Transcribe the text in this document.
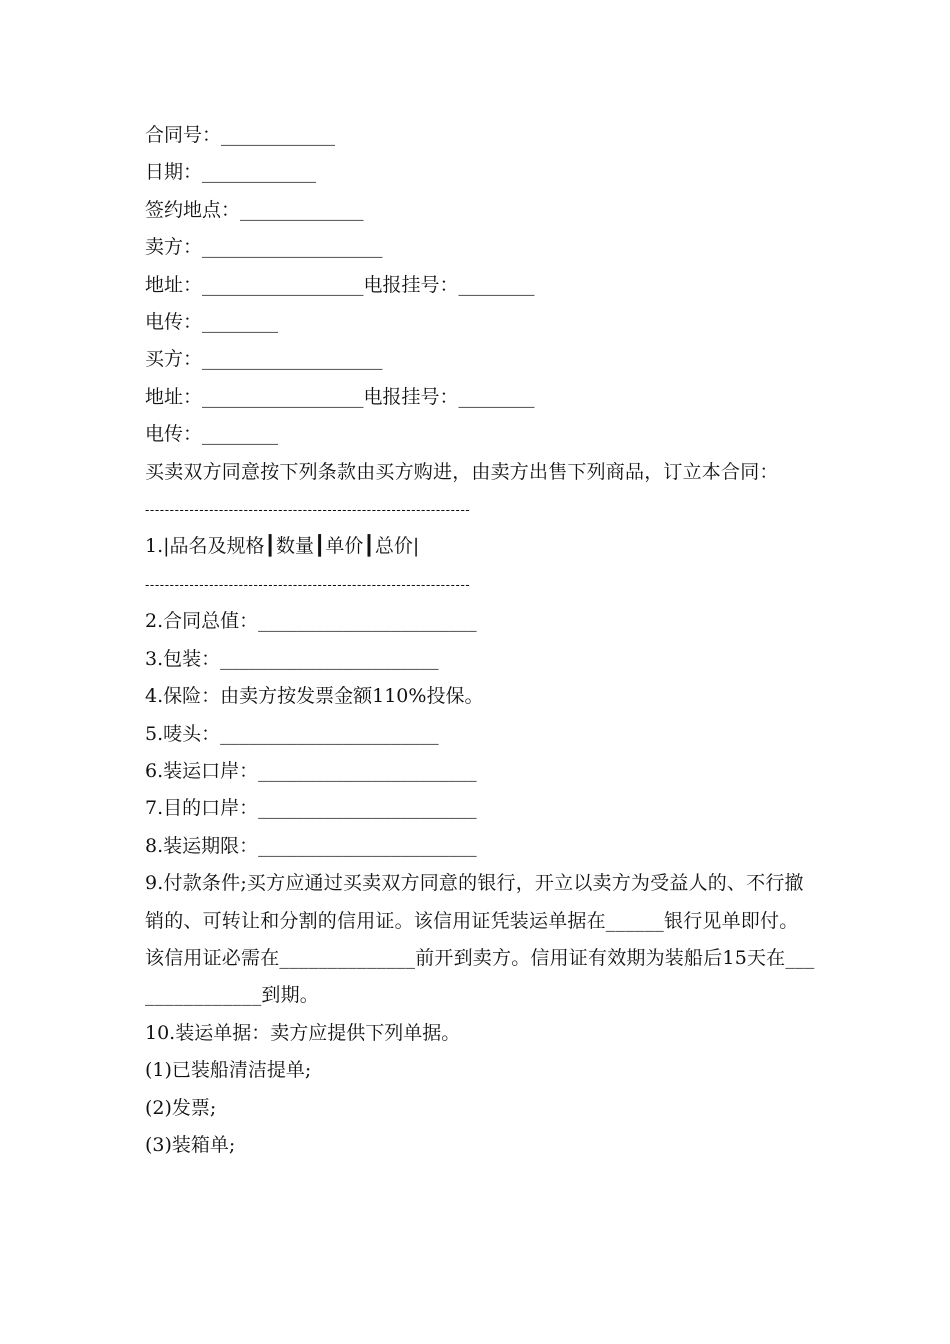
合同号：____________
日期：____________
签约地点：_____________
卖方：___________________
地址：_________________电报挂号：________
电传：________
买方：___________________
地址：_________________电报挂号：________
电传：________
买卖双方同意按下列条款由买方购进，由卖方出售下列商品，订立本合同：
------------------------------------------------------------------
1.|品名及规格┃数量┃单价┃总价|
------------------------------------------------------------------
2.合同总值：_______________________
3.包装：_______________________
4.保险：由卖方按发票金额110%投保。
5.唛头：_______________________
6.装运口岸：_______________________
7.目的口岸：_______________________
8.装运期限：_______________________
9.付款条件;买方应通过买卖双方同意的银行，开立以卖方为受益人的、不行撤销的、可转让和分割的信用证。该信用证凭装运单据在______银行见单即付。该信用证必需在______________前开到卖方。信用证有效期为装船后15天在_______________到期。
10.装运单据：卖方应提供下列单据。
(1)已装船清洁提单;
(2)发票;
(3)装箱单;
